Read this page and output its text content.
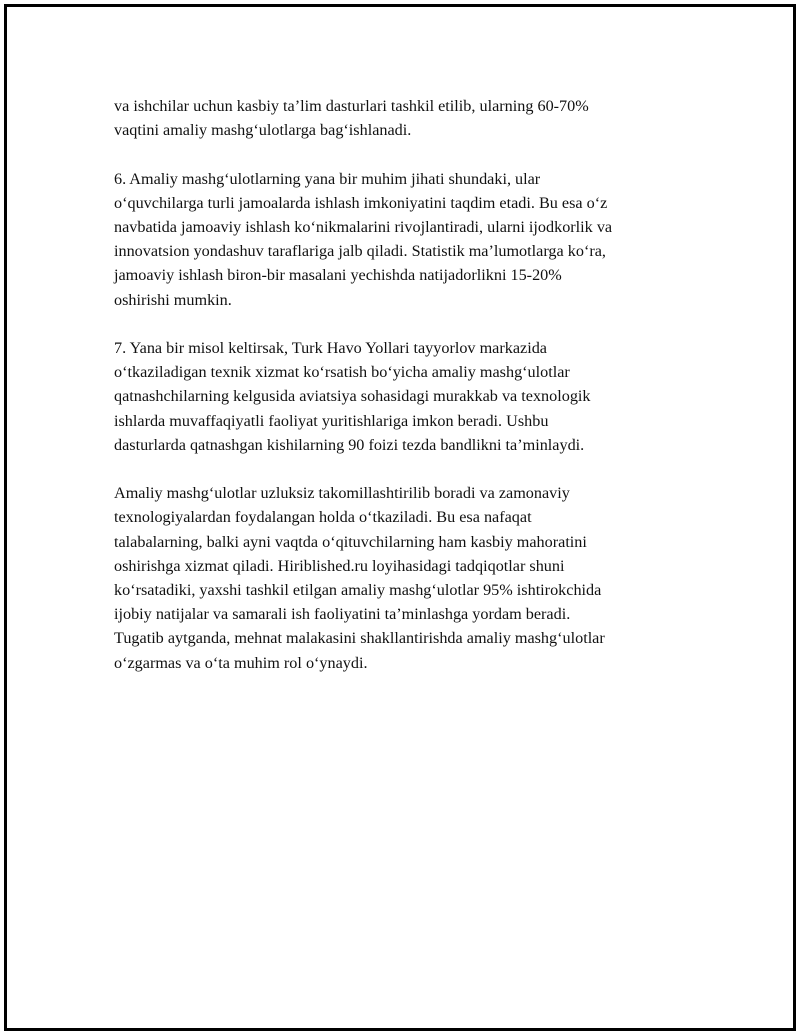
va ishchilar uchun kasbiy ta’lim dasturlari tashkil etilib, ularning 60-70%
vaqtini amaliy mashg‘ulotlarga bag‘ishlanadi.
6. Amaliy mashg‘ulotlarning yana bir muhim jihati shundaki, ular
o‘quvchilarga turli jamoalarda ishlash imkoniyatini taqdim etadi. Bu esa o‘z
navbatida jamoaviy ishlash ko‘nikmalarini rivojlantiradi, ularni ijodkorlik va
innovatsion yondashuv taraflariga jalb qiladi. Statistik ma’lumotlarga ko‘ra,
jamoaviy ishlash biron-bir masalani yechishda natijadorlikni 15-20%
oshirishi mumkin.
7. Yana bir misol keltirsak, Turk Havo Yollari tayyorlov markazida
o‘tkaziladigan texnik xizmat ko‘rsatish bo‘yicha amaliy mashg‘ulotlar
qatnashchilarning kelgusida aviatsiya sohasidagi murakkab va texnologik
ishlarda muvaffaqiyatli faoliyat yuritishlariga imkon beradi. Ushbu
dasturlarda qatnashgan kishilarning 90 foizi tezda bandlikni ta’minlaydi.
Amaliy mashg‘ulotlar uzluksiz takomillashtirilib boradi va zamonaviy
texnologiyalardan foydalangan holda o‘tkaziladi. Bu esa nafaqat
talabalarning, balki ayni vaqtda o‘qituvchilarning ham kasbiy mahoratini
oshirishga xizmat qiladi. Hiriblished.ru loyihasidagi tadqiqotlar shuni
ko‘rsatadiki, yaxshi tashkil etilgan amaliy mashg‘ulotlar 95% ishtirokchida
ijobiy natijalar va samarali ish faoliyatini ta’minlashga yordam beradi.
Tugatib aytganda, mehnat malakasini shakllantirishda amaliy mashg‘ulotlar
o‘zgarmas va o‘ta muhim rol o‘ynaydi.
